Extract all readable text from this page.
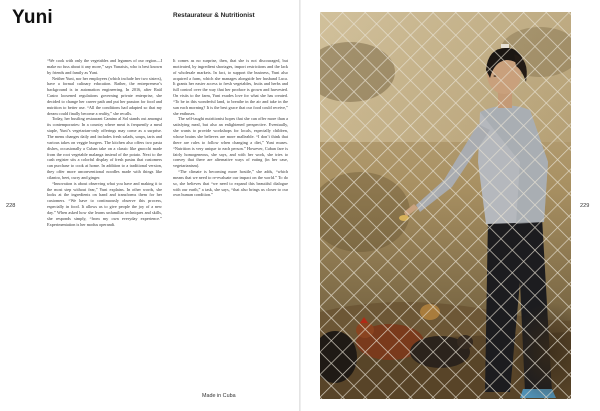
Yuni	Restaurateur & Nutritionist

“We cook with only the vegetables and legumes of our region—I make no fuss about it any more,” says Yunaisis, who is best known by friends and family as Yuni.

Neither Yuni, nor her employees (which include her two sisters), have a formal culinary education. Rather, the entrepreneur’s background is in automation engineering. In 2016, after Raúl Castro loosened regulations governing private enterprise, she decided to change her career path and put her passion for food and nutrition to better use. “All the conditions had adapted so that my dream could finally become a reality,” she recalls.

Today, her bustling restaurant Camino al Sol stands out amongst its contemporaries: In a country where meat is frequently a meal staple, Yuni’s vegetarian-only offerings may come as a surprise. The menu changes daily and includes fresh salads, soups, tarts and various takes on veggie burgers. The kitchen also offers two pasta dishes, occasionally a Cuban take on a classic like gnocchi made from the root vegetable malanga instead of the potato. Next to the cash register sits a colorful display of fresh pastas that customers can purchase to cook at home. In addition to a traditional version, they offer more unconventional noodles made with things like cilantro, beet, curry and ginger.

“Innovation is about observing what you have and making it to the most step without fear,” Yuni explains. In other words, she looks at the ingredients on hand and transforms them for her customers. “We have to continuously observe this process, especially in food. It allows us to give people the joy of a new day.” When asked how she learns unfamiliar techniques and skills, she responds simply, “from my own everyday experience.” Experimentation is her modus operandi.

It comes as no surprise, then, that she is not discouraged, but motivated, by ingredient shortages, import restrictions and the lack of wholesale markets. In fact, to support the business, Yuni also acquired a farm, which she manages alongside her husband Luca. It grants her easier access to fresh vegetables, fruits and herbs and full control over the way that her produce is grown and harvested. On visits to the farm, Yuni exudes love for what she has created. “To be in this wonderful land, to breathe in the air and take in the sun each morning? It is the best grace that our food could receive,” she enthuses.

The self-taught nutritionist hopes that she can offer more than a satisfying meal, but also an enlightened perspective. Eventually, she wants to provide workshops for locals, especially children, whose brains she believes are more malleable. “I don’t think that there are rules to follow when changing a diet,” Yuni muses. “Nutrition is very unique to each person.” However, Cuban fare is fairly homogeneous, she says, and with her work, she tries to convey that there are alternative ways of eating (in her case, vegetarianism).

“The climate is becoming more hostile,” she adds, “which means that we need to re-evaluate our impact on the world.” To do so, she believes that “we need to expand this beautiful dialogue with our earth,” a task, she says, “that also brings us closer to our own human condition.”

228	229
Made in Cuba
